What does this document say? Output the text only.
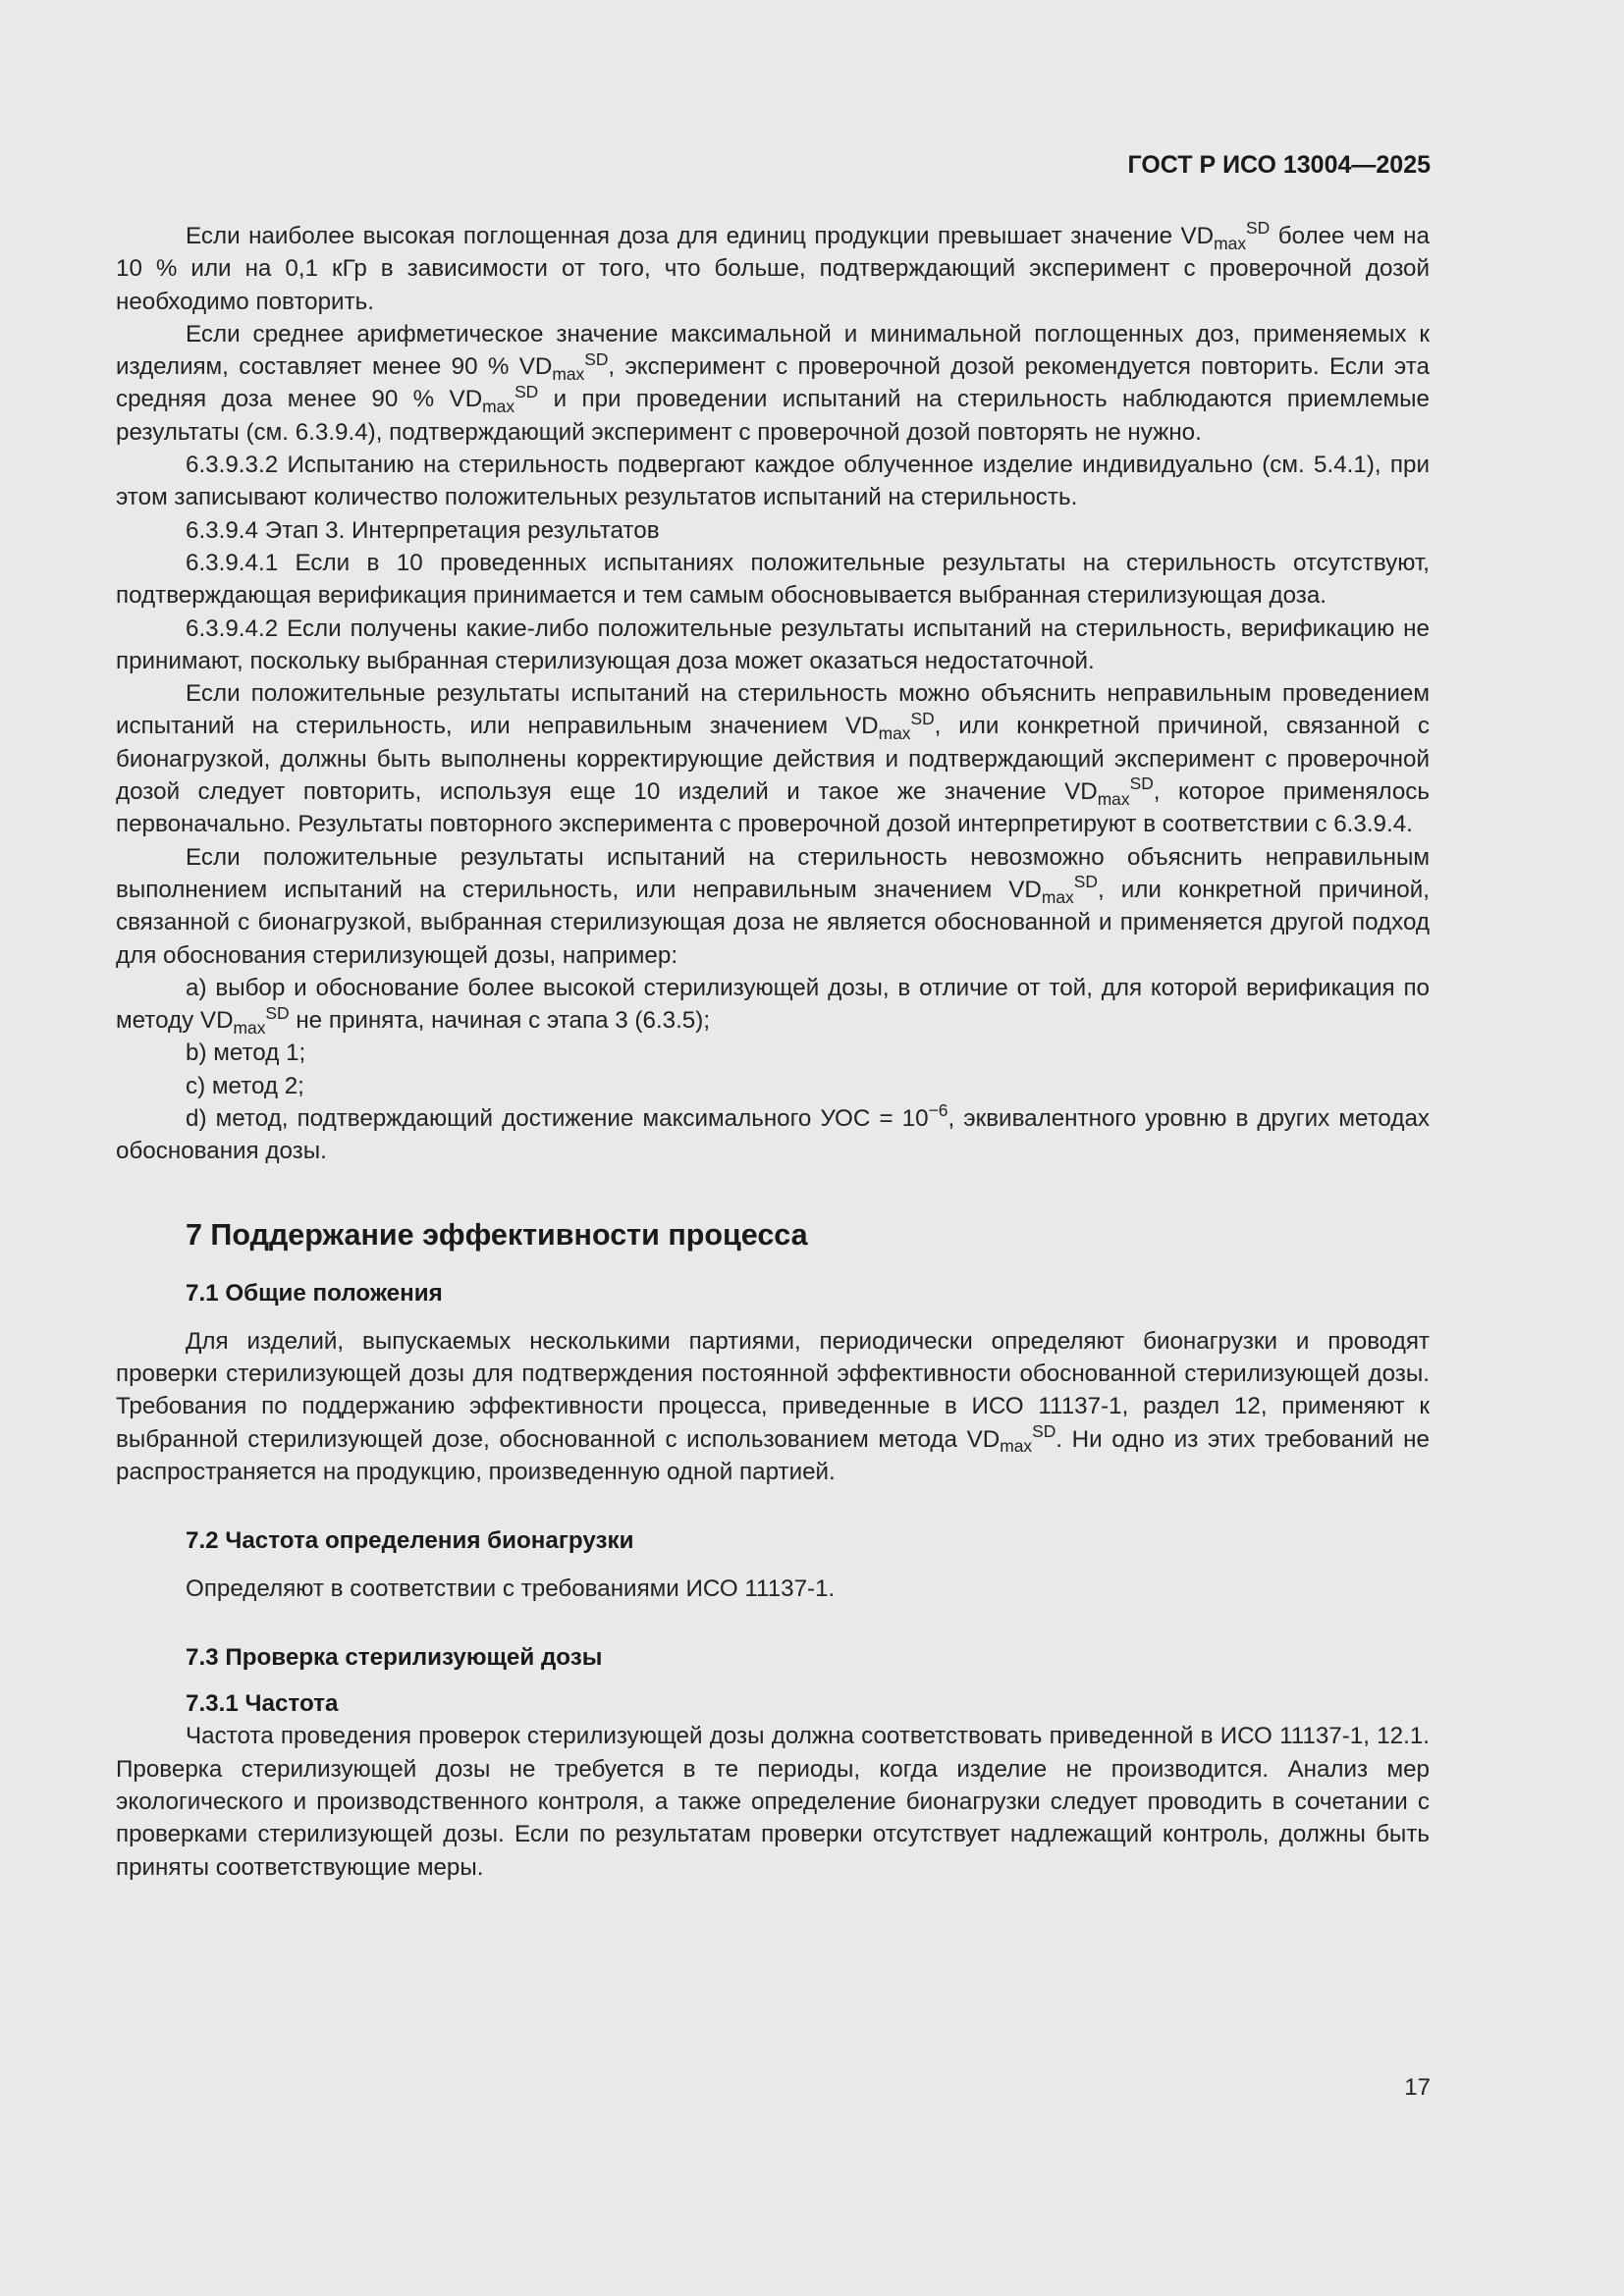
ГОСТ Р ИСО 13004—2025

Если наиболее высокая поглощенная доза для единиц продукции превышает значение $VD_{max}^{SD}$ более чем на 10 % или на 0,1 кГр в зависимости от того, что больше, подтверждающий эксперимент с проверочной дозой необходимо повторить.

Если среднее арифметическое значение максимальной и минимальной поглощенных доз, применяемых к изделиям, составляет менее 90 % $VD_{max}^{SD}$, эксперимент с проверочной дозой рекомендуется повторить. Если эта средняя доза менее 90 % $VD_{max}^{SD}$ и при проведении испытаний на стерильность наблюдаются приемлемые результаты (см. 6.3.9.4), подтверждающий эксперимент с проверочной дозой повторять не нужно.

6.3.9.3.2 Испытанию на стерильность подвергают каждое облученное изделие индивидуально (см. 5.4.1), при этом записывают количество положительных результатов испытаний на стерильность.

6.3.9.4 Этап 3. Интерпретация результатов

6.3.9.4.1 Если в 10 проведенных испытаниях положительные результаты на стерильность отсутствуют, подтверждающая верификация принимается и тем самым обосновывается выбранная стерилизующая доза.

6.3.9.4.2 Если получены какие-либо положительные результаты испытаний на стерильность, верификацию не принимают, поскольку выбранная стерилизующая доза может оказаться недостаточной.

Если положительные результаты испытаний на стерильность можно объяснить неправильным проведением испытаний на стерильность, или неправильным значением $VD_{max}^{SD}$, или конкретной причиной, связанной с бионагрузкой, должны быть выполнены корректирующие действия и подтверждающий эксперимент с проверочной дозой следует повторить, используя еще 10 изделий и такое же значение $VD_{max}^{SD}$, которое применялось первоначально. Результаты повторного эксперимента с проверочной дозой интерпретируют в соответствии с 6.3.9.4.

Если положительные результаты испытаний на стерильность невозможно объяснить неправильным выполнением испытаний на стерильность, или неправильным значением $VD_{max}^{SD}$, или конкретной причиной, связанной с бионагрузкой, выбранная стерилизующая доза не является обоснованной и применяется другой подход для обоснования стерилизующей дозы, например:

a) выбор и обоснование более высокой стерилизующей дозы, в отличие от той, для которой верификация по методу $VD_{max}^{SD}$ не принята, начиная с этапа 3 (6.3.5);

b) метод 1;

c) метод 2;

d) метод, подтверждающий достижение максимального УОС = $10^{-6}$, эквивалентного уровню в других методах обоснования дозы.

7 Поддержание эффективности процесса
7.1 Общие положения

Для изделий, выпускаемых несколькими партиями, периодически определяют бионагрузки и проводят проверки стерилизующей дозы для подтверждения постоянной эффективности обоснованной стерилизующей дозы. Требования по поддержанию эффективности процесса, приведенные в ИСО 11137-1, раздел 12, применяют к выбранной стерилизующей дозе, обоснованной с использованием метода $VD_{max}^{SD}$. Ни одно из этих требований не распространяется на продукцию, произведенную одной партией.

7.2 Частота определения бионагрузки

Определяют в соответствии с требованиями ИСО 11137-1.

7.3 Проверка стерилизующей дозы
7.3.1 Частота

Частота проведения проверок стерилизующей дозы должна соответствовать приведенной в ИСО 11137-1, 12.1. Проверка стерилизующей дозы не требуется в те периоды, когда изделие не производится. Анализ мер экологического и производственного контроля, а также определение бионагрузки следует проводить в сочетании с проверками стерилизующей дозы. Если по результатам проверки отсутствует надлежащий контроль, должны быть приняты соответствующие меры.

17
